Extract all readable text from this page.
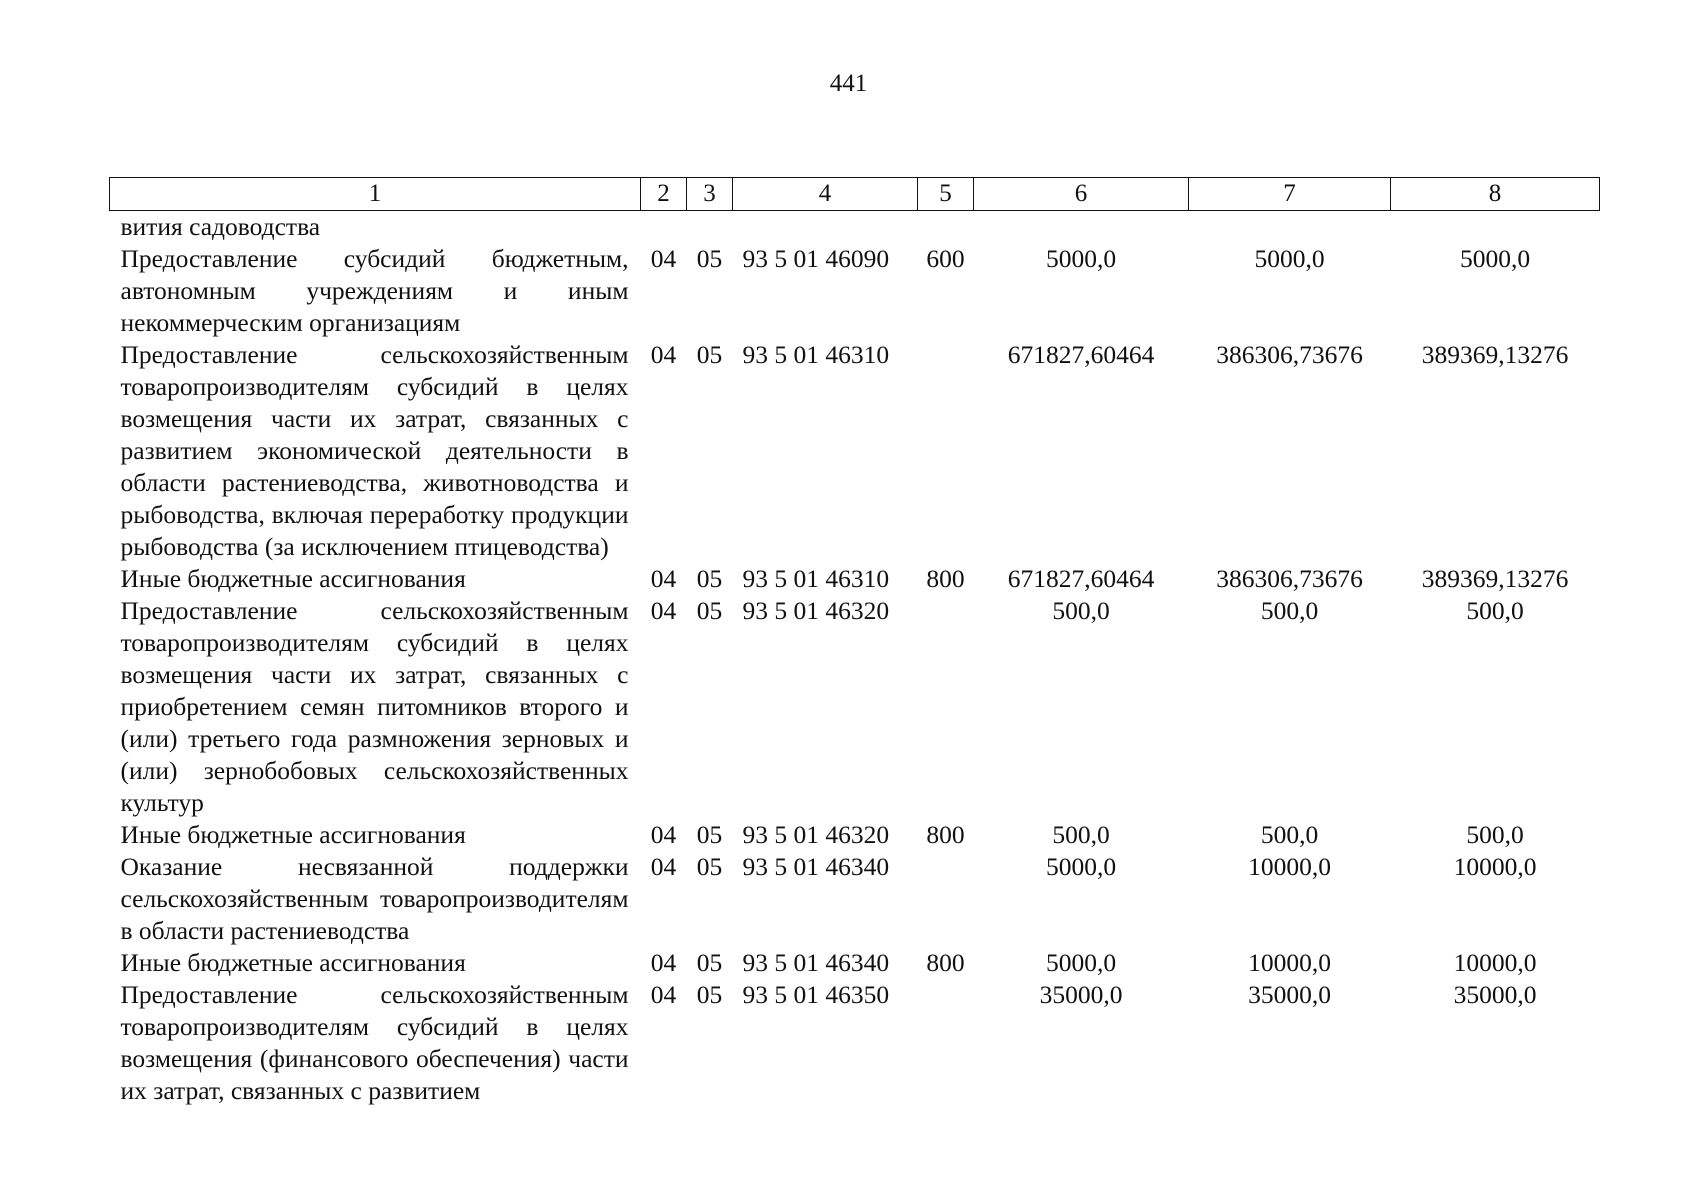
441
1	2	3	4	5	6	7	8
вития садоводства							
Предоставление субсидий бюджетным, автономным учреждениям и иным некоммерческим организациям	04	05	93 5 01 46090	600	5000,0	5000,0	5000,0
Предоставление сельскохозяйственным товаропроизводителям субсидий в целях возмещения части их затрат, связанных с развитием экономической деятельности в области растениеводства, животноводства и рыбоводства, включая переработку продукции рыбоводства (за исключением птицеводства)	04	05	93 5 01 46310		671827,60464	386306,73676	389369,13276
Иные бюджетные ассигнования	04	05	93 5 01 46310	800	671827,60464	386306,73676	389369,13276
Предоставление сельскохозяйственным товаропроизводителям субсидий в целях возмещения части их затрат, связанных с приобретением семян питомников второго и (или) третьего года размножения зерновых и (или) зернобобовых сельскохозяйственных культур	04	05	93 5 01 46320		500,0	500,0	500,0
Иные бюджетные ассигнования	04	05	93 5 01 46320	800	500,0	500,0	500,0
Оказание несвязанной поддержки сельскохозяйственным товаропроизводителям в области растениеводства	04	05	93 5 01 46340		5000,0	10000,0	10000,0
Иные бюджетные ассигнования	04	05	93 5 01 46340	800	5000,0	10000,0	10000,0
Предоставление сельскохозяйственным товаропроизводителям субсидий в целях возмещения (финансового обеспечения) части их затрат, связанных с развитием	04	05	93 5 01 46350		35000,0	35000,0	35000,0
